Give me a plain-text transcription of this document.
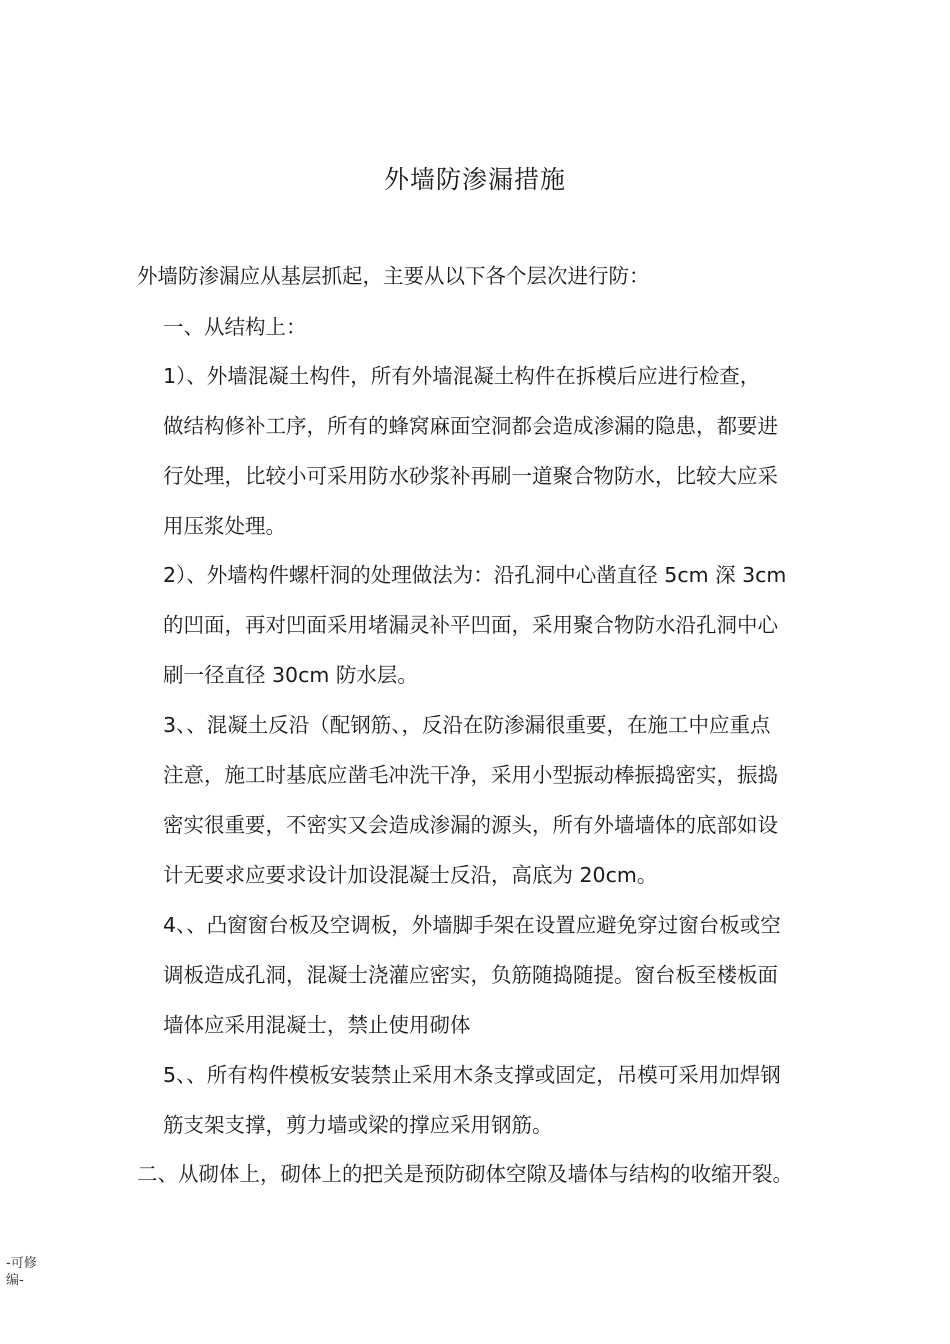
外墙防渗漏措施
外墙防渗漏应从基层抓起，主要从以下各个层次进行防：
一、从结构上：
1）、外墙混凝土构件，所有外墙混凝土构件在拆模后应进行检查，
做结构修补工序，所有的蜂窝麻面空洞都会造成渗漏的隐患，都要进
行处理，比较小可采用防水砂浆补再刷一道聚合物防水，比较大应采
用压浆处理。
2）、外墙构件螺杆洞的处理做法为：沿孔洞中心凿直径 5cm 深 3cm
的凹面，再对凹面采用堵漏灵补平凹面，采用聚合物防水沿孔洞中心
刷一径直径 30cm 防水层。
3、、混凝土反沿（配钢筋、，反沿在防渗漏很重要，在施工中应重点
注意，施工时基底应凿毛冲洗干净，采用小型振动棒振捣密实，振捣
密实很重要，不密实又会造成渗漏的源头，所有外墙墙体的底部如设
计无要求应要求设计加设混凝士反沿，高底为 20cm。
4、、凸窗窗台板及空调板，外墙脚手架在设置应避免穿过窗台板或空
调板造成孔洞，混凝士浇灌应密实，负筋随捣随提。窗台板至楼板面
墙体应采用混凝士，禁止使用砌体
5、、所有构件模板安装禁止采用木条支撑或固定，吊模可采用加焊钢
筋支架支撑，剪力墙或梁的撑应采用钢筋。
二、从砌体上，砌体上的把关是预防砌体空隙及墙体与结构的收缩开裂。
-可修
编-
